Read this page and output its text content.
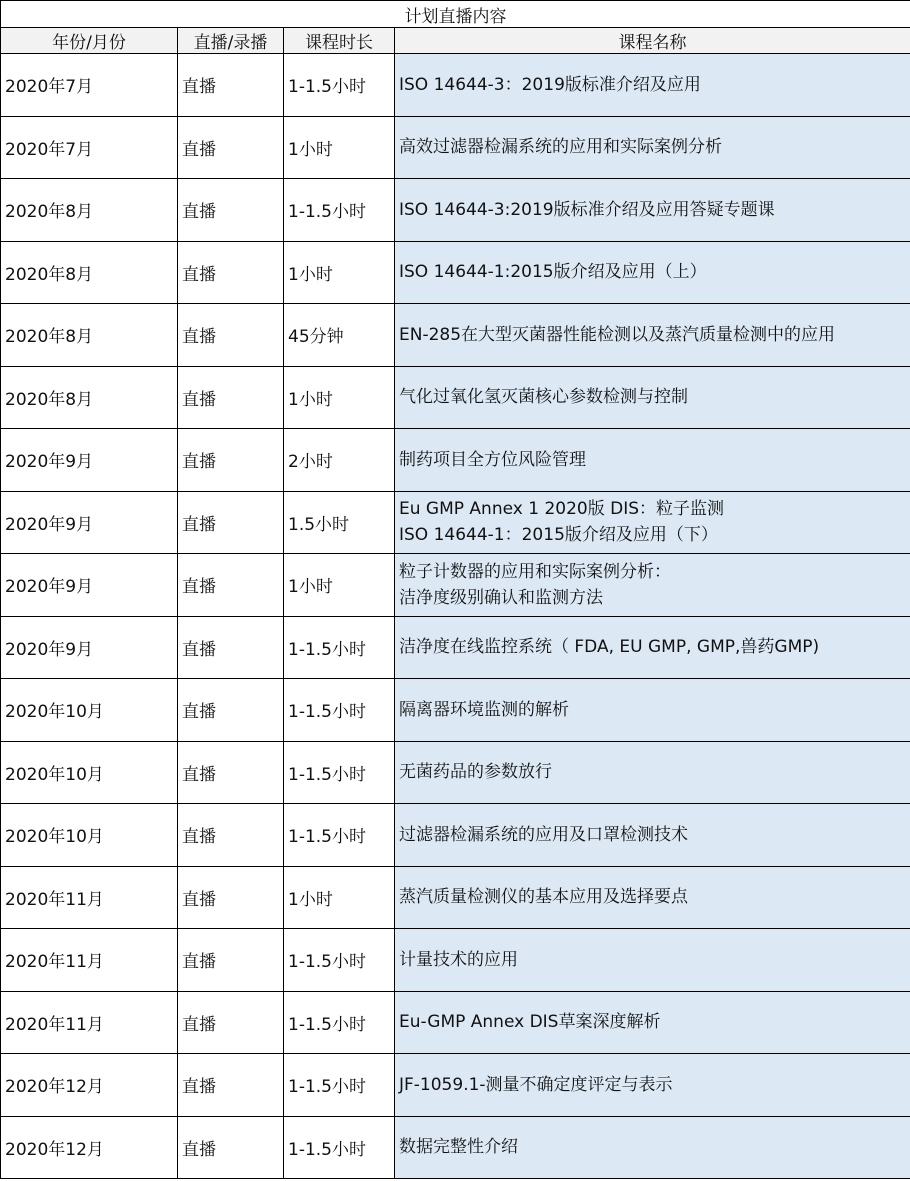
计划直播内容			
年份/月份	直播/录播	课程时长	课程名称
2020年7月	直播	1-1.5小时	ISO 14644-3：2019版标准介绍及应用

2020年7月	直播	1小时	高效过滤器检漏系统的应用和实际案例分析

2020年8月	直播	1-1.5小时	ISO 14644-3:2019版标准介绍及应用答疑专题课

2020年8月	直播	1小时	ISO 14644-1:2015版介绍及应用（上）

2020年8月	直播	45分钟	EN-285在大型灭菌器性能检测以及蒸汽质量检测中的应用

2020年8月	直播	1小时	气化过氧化氢灭菌核心参数检测与控制

2020年9月	直播	2小时	制药项目全方位风险管理

2020年9月	直播	1.5小时	Eu GMP Annex 1 2020版 DIS：粒子监测
ISO 14644-1：2015版介绍及应用（下）

2020年9月	直播	1小时	粒子计数器的应用和实际案例分析：
洁净度级别确认和监测方法

2020年9月	直播	1-1.5小时	洁净度在线监控系统（ FDA, EU GMP, GMP,兽药GMP)

2020年10月	直播	1-1.5小时	隔离器环境监测的解析

2020年10月	直播	1-1.5小时	无菌药品的参数放行

2020年10月	直播	1-1.5小时	过滤器检漏系统的应用及口罩检测技术

2020年11月	直播	1小时	蒸汽质量检测仪的基本应用及选择要点

2020年11月	直播	1-1.5小时	计量技术的应用

2020年11月	直播	1-1.5小时	Eu-GMP Annex DIS草案深度解析

2020年12月	直播	1-1.5小时	JF-1059.1-测量不确定度评定与表示

2020年12月	直播	1-1.5小时	数据完整性介绍
